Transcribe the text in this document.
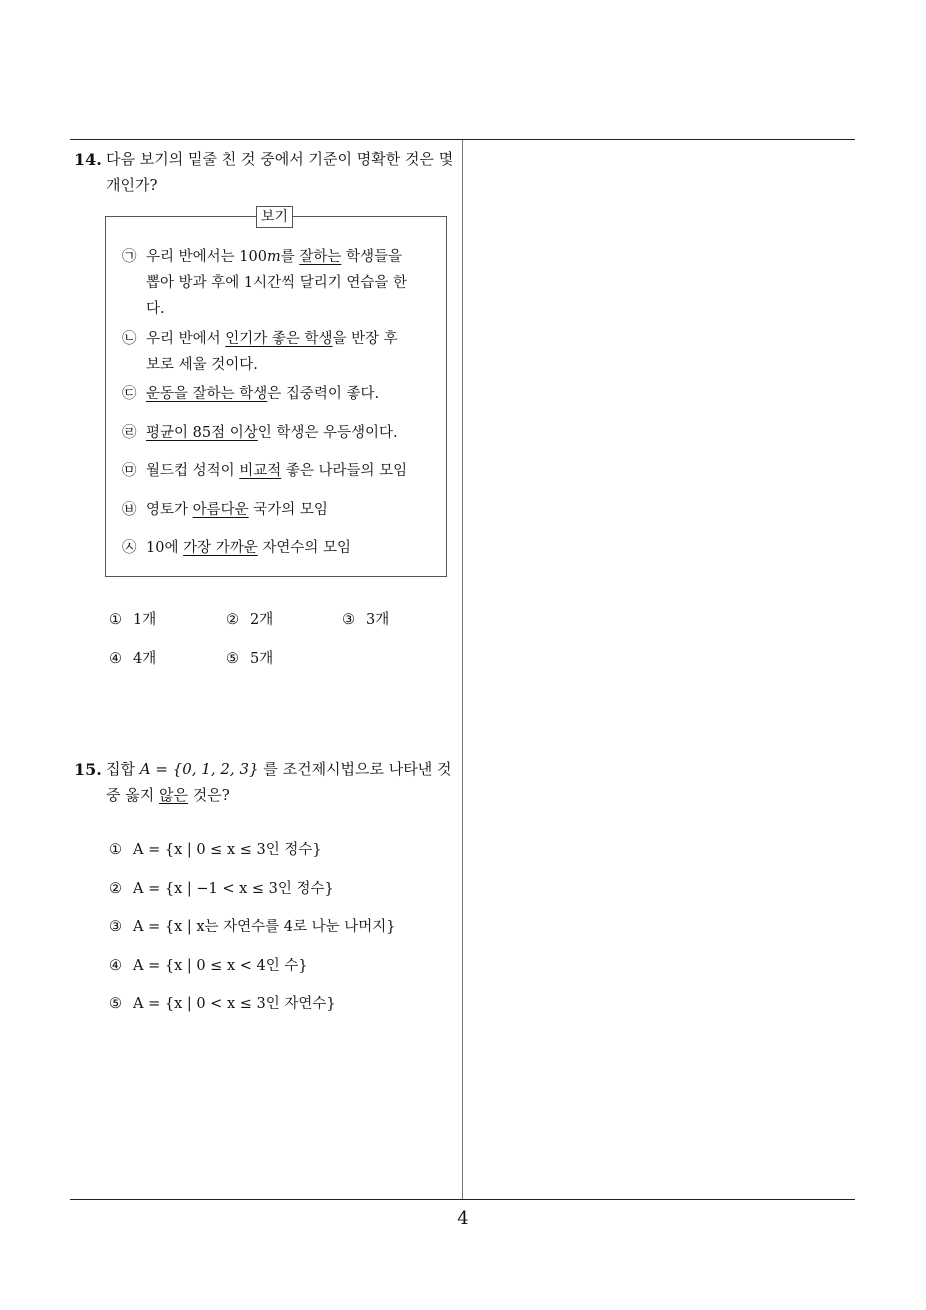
14. 다음 보기의 밑줄 친 것 중에서 기준이 명확한 것은 몇
개인가?
보기
㉠ 우리 반에서는 100m를 잘하는 학생들을
뽑아 방과 후에 1시간씩 달리기 연습을 한
다.
㉡ 우리 반에서 인기가 좋은 학생을 반장 후
보로 세울 것이다.
㉢ 운동을 잘하는 학생은 집중력이 좋다.
㉣ 평균이 85점 이상인 학생은 우등생이다.
㉤ 월드컵 성적이 비교적 좋은 나라들의 모임
㉥ 영토가 아름다운 국가의 모임
㉦ 10에 가장 가까운 자연수의 모임
① 1개	② 2개	③ 3개
④ 4개	⑤ 5개
15. 집합 A = {0, 1, 2, 3} 를 조건제시법으로 나타낸 것
중 옳지 않은 것은?
① A = {x | 0 ≤ x ≤ 3인 정수}
② A = {x | −1 < x ≤ 3인 정수}
③ A = {x | x는 자연수를 4로 나눈 나머지}
④ A = {x | 0 ≤ x < 4인 수}
⑤ A = {x | 0 < x ≤ 3인 자연수}
4
